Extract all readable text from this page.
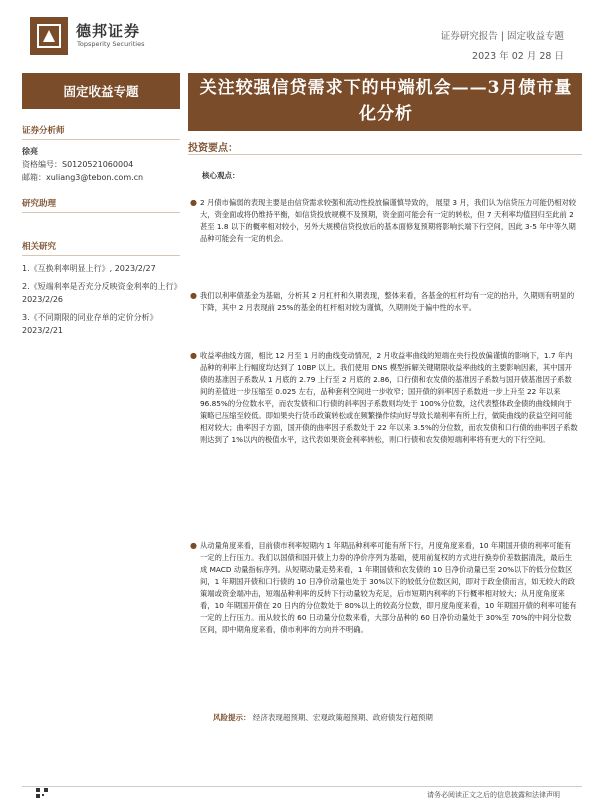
德邦证券
Topsperity Securities
证券研究报告 | 固定收益专题
2023 年 02 月 28 日
固定收益专题	关注较强信贷需求下的中端机会——3月债市量化分析
证券分析师
徐亮
资格编号：S0120521060004
邮箱：xuliang3@tebon.com.cn
研究助理
相关研究
1.《互换利率明显上行》, 2023/2/27
2.《短端利率是否充分反映资金利率的上行》2023/2/26
3.《不同期限的同业存单的定价分析》2023/2/21
投资要点：
核心观点：
● 2 月债市偏弱的表现主要是由信贷需求较强和流动性投放偏谨慎导致的， 展望 3 月，我们认为信贷压力可能仍相对较大，资金面或将仍维持平衡，如信贷投放规模不及预期，资金面可能会有一定的转松，但 7 天利率均值回归至此前 2 甚至 1.8 以下的概率相对较小，另外大规模信贷投放后的基本面修复预期将影响长端下行空间，因此 3-5 年中等久期品种可能会有一定的机会。
● 我们以利率债基金为基础，分析其 2 月杠杆和久期表现，整体来看，各基金的杠杆均有一定的抬升，久期则有明显的下降，其中 2 月表现前 25%的基金的杠杆相对较为谨慎，久期则处于偏中性的水平。
● 收益率曲线方面，相比 12 月至 1 月的曲线变动情况，2 月收益率曲线的短端在央行投放偏谨慎的影响下，1.7 年内品种的利率上行幅度均达到了 10BP 以上。我们使用 DNS 模型拆解关键期限收益率曲线的主要影响因素，其中国开债的基准因子系数从 1 月底的 2.79 上行至 2 月底的 2.86，口行债和农发债的基准因子系数与国开债基准因子系数间的差值进一步压缩至 0.025 左右，品种套利空间进一步收窄；国开债的斜率因子系数进一步上升至 22 年以来 96.85%的分位数水平，而农发债和口行债的斜率因子系数则均处于 100%分位数，这代表整体政金债的曲线倾向于策略已压缩至较低。即如果央行货币政策转松或在频繁操作续向好导致长端利率有所上行，做陡曲线的获益空间可能相对较大；曲率因子方面，国开债的曲率因子系数处于 22 年以来 3.5%的分位数，而农发债和口行债的曲率因子系数则达到了 1%以内的极值水平，这代表如果资金利率转松，则口行债和农发债短端利率将有更大的下行空间。
● 从动量角度来看，目前债市利率短期内 1 年期品种利率可能有所下行，月度角度来看，10 年期国开债的利率可能有一定的上行压力。我们以国债和国开债上力券的净价序列为基础，使用前复权的方式进行换券价差数据清洗，最后生成 MACD 动量指标序列。从短期动量走势来看，1 年期国债和农发债的 10 日净价动量已至 20%以下的低分位数区间，1 年期国开债和口行债的 10 日净价动量也处于 30%以下的较低分位数区间，即对于政金债而言，如无较大的政策端或资金端冲击，短端品种利率的反转下行动量较为充足，后市短期内利率的下行概率相对较大；从月度角度来看，10 年期国开债在 20 日内的分位数处于 80%以上的较高分位数，即月度角度来看，10 年期国开债的利率可能有一定的上行压力。而从较长的 60 日动量分位数来看，大部分品种的 60 日净价动量处于 30%至 70%的中间分位数区间，即中期角度来看，债市利率的方向并不明确。
风险提示： 经济表现超预期、宏观政策超预期、政府债发行超预期
请务必阅读正文之后的信息披露和法律声明
